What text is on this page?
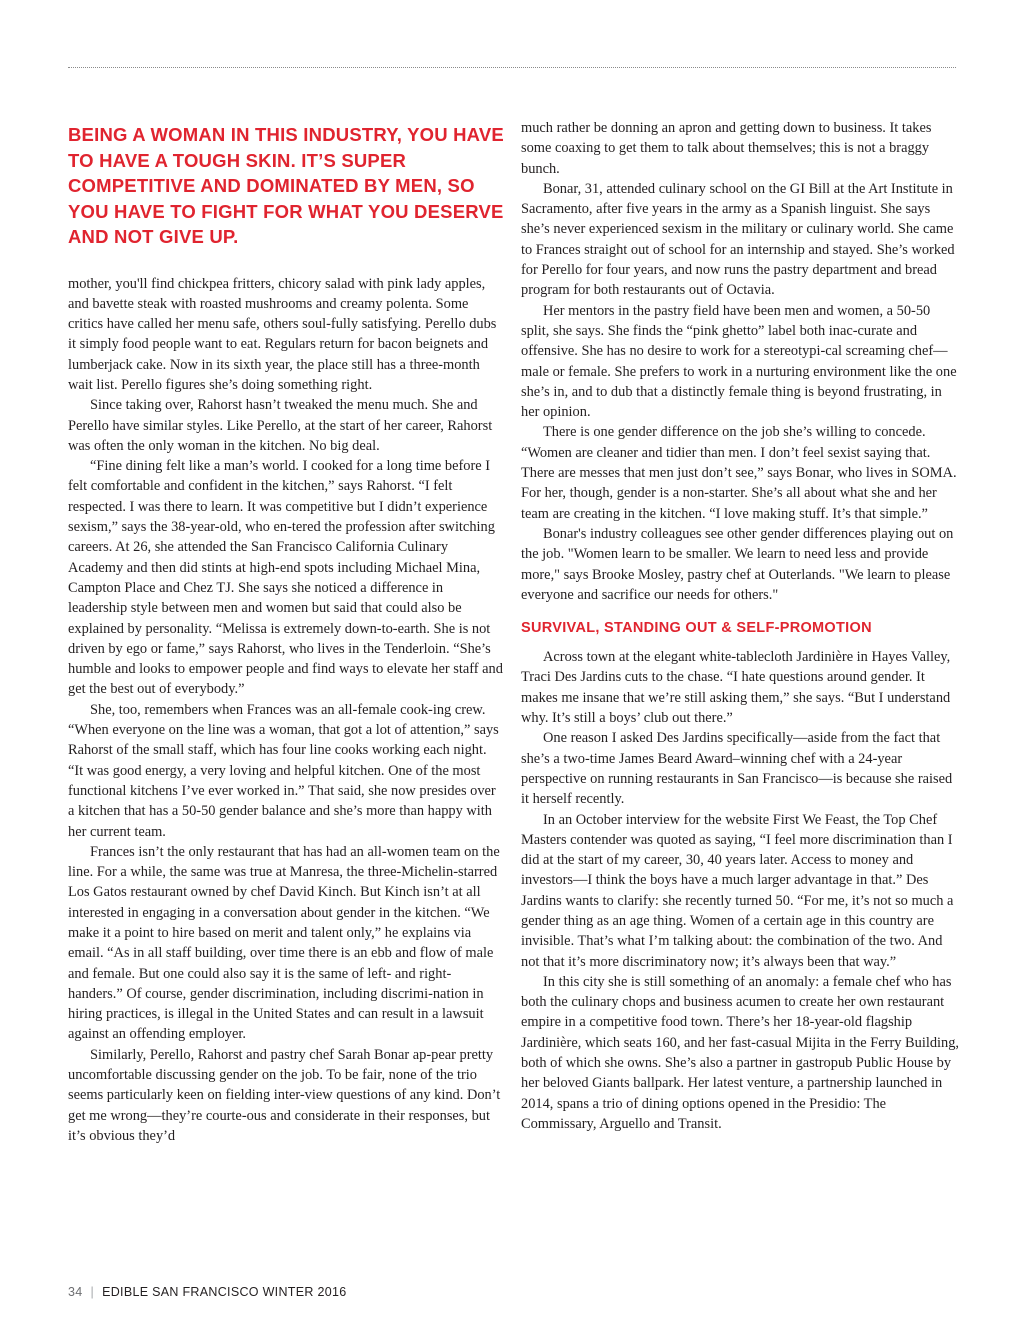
BEING A WOMAN IN THIS INDUSTRY, YOU HAVE TO HAVE A TOUGH SKIN. IT’S SUPER COMPETITIVE AND DOMINATED BY MEN, SO YOU HAVE TO FIGHT FOR WHAT YOU DESERVE AND NOT GIVE UP.

mother, you'll find chickpea fritters, chicory salad with pink lady apples, and bavette steak with roasted mushrooms and creamy polenta. Some critics have called her menu safe, others soul-fully satisfying. Perello dubs it simply food people want to eat. Regulars return for bacon beignets and lumberjack cake. Now in its sixth year, the place still has a three-month wait list. Perello figures she’s doing something right.

Since taking over, Rahorst hasn’t tweaked the menu much. She and Perello have similar styles. Like Perello, at the start of her career, Rahorst was often the only woman in the kitchen. No big deal.

“Fine dining felt like a man’s world. I cooked for a long time before I felt comfortable and confident in the kitchen,” says Rahorst. “I felt respected. I was there to learn. It was competitive but I didn’t experience sexism,” says the 38-year-old, who en-tered the profession after switching careers. At 26, she attended the San Francisco California Culinary Academy and then did stints at high-end spots including Michael Mina, Campton Place and Chez TJ. She says she noticed a difference in leadership style between men and women but said that could also be explained by personality. “Melissa is extremely down-to-earth. She is not driven by ego or fame,” says Rahorst, who lives in the Tenderloin. “She’s humble and looks to empower people and find ways to elevate her staff and get the best out of everybody.”

She, too, remembers when Frances was an all-female cook-ing crew. “When everyone on the line was a woman, that got a lot of attention,” says Rahorst of the small staff, which has four line cooks working each night. “It was good energy, a very loving and helpful kitchen. One of the most functional kitchens I’ve ever worked in.” That said, she now presides over a kitchen that has a 50-50 gender balance and she’s more than happy with her current team.

Frances isn’t the only restaurant that has had an all-women team on the line. For a while, the same was true at Manresa, the three-Michelin-starred Los Gatos restaurant owned by chef David Kinch. But Kinch isn’t at all interested in engaging in a conversation about gender in the kitchen. “We make it a point to hire based on merit and talent only,” he explains via email. “As in all staff building, over time there is an ebb and flow of male and female. But one could also say it is the same of left- and right-handers.” Of course, gender discrimination, including discrimi-nation in hiring practices, is illegal in the United States and can result in a lawsuit against an offending employer.

Similarly, Perello, Rahorst and pastry chef Sarah Bonar ap-pear pretty uncomfortable discussing gender on the job. To be fair, none of the trio seems particularly keen on fielding inter-view questions of any kind. Don’t get me wrong—they’re courte-ous and considerate in their responses, but it’s obvious they’d

much rather be donning an apron and getting down to business. It takes some coaxing to get them to talk about themselves; this is not a braggy bunch.

Bonar, 31, attended culinary school on the GI Bill at the Art Institute in Sacramento, after five years in the army as a Spanish linguist. She says she’s never experienced sexism in the military or culinary world. She came to Frances straight out of school for an internship and stayed. She’s worked for Perello for four years, and now runs the pastry department and bread program for both restaurants out of Octavia.

Her mentors in the pastry field have been men and women, a 50-50 split, she says. She finds the “pink ghetto” label both inac-curate and offensive. She has no desire to work for a stereotypi-cal screaming chef—male or female. She prefers to work in a nurturing environment like the one she’s in, and to dub that a distinctly female thing is beyond frustrating, in her opinion.

There is one gender difference on the job she’s willing to concede. “Women are cleaner and tidier than men. I don’t feel sexist saying that. There are messes that men just don’t see,” says Bonar, who lives in SOMA. For her, though, gender is a non-starter. She’s all about what she and her team are creating in the kitchen. “I love making stuff. It’s that simple.”

Bonar's industry colleagues see other gender differences playing out on the job. "Women learn to be smaller. We learn to need less and provide more," says Brooke Mosley, pastry chef at Outerlands. "We learn to please everyone and sacrifice our needs for others."

SURVIVAL, STANDING OUT & SELF-PROMOTION

Across town at the elegant white-tablecloth Jardinière in Hayes Valley, Traci Des Jardins cuts to the chase. “I hate questions around gender. It makes me insane that we’re still asking them,” she says. “But I understand why. It’s still a boys’ club out there.”

One reason I asked Des Jardins specifically—aside from the fact that she’s a two-time James Beard Award–winning chef with a 24-year perspective on running restaurants in San Francisco—is because she raised it herself recently.

In an October interview for the website First We Feast, the Top Chef Masters contender was quoted as saying, “I feel more discrimination than I did at the start of my career, 30, 40 years later. Access to money and investors—I think the boys have a much larger advantage in that.” Des Jardins wants to clarify: she recently turned 50. “For me, it’s not so much a gender thing as an age thing. Women of a certain age in this country are invisible. That’s what I’m talking about: the combination of the two. And not that it’s more discriminatory now; it’s always been that way.”

In this city she is still something of an anomaly: a female chef who has both the culinary chops and business acumen to create her own restaurant empire in a competitive food town. There’s her 18-year-old flagship Jardinière, which seats 160, and her fast-casual Mijita in the Ferry Building, both of which she owns. She’s also a partner in gastropub Public House by her beloved Giants ballpark. Her latest venture, a partnership launched in 2014, spans a trio of dining options opened in the Presidio: The Commissary, Arguello and Transit.

34 | EDIBLE SAN FRANCISCO WINTER 2016
